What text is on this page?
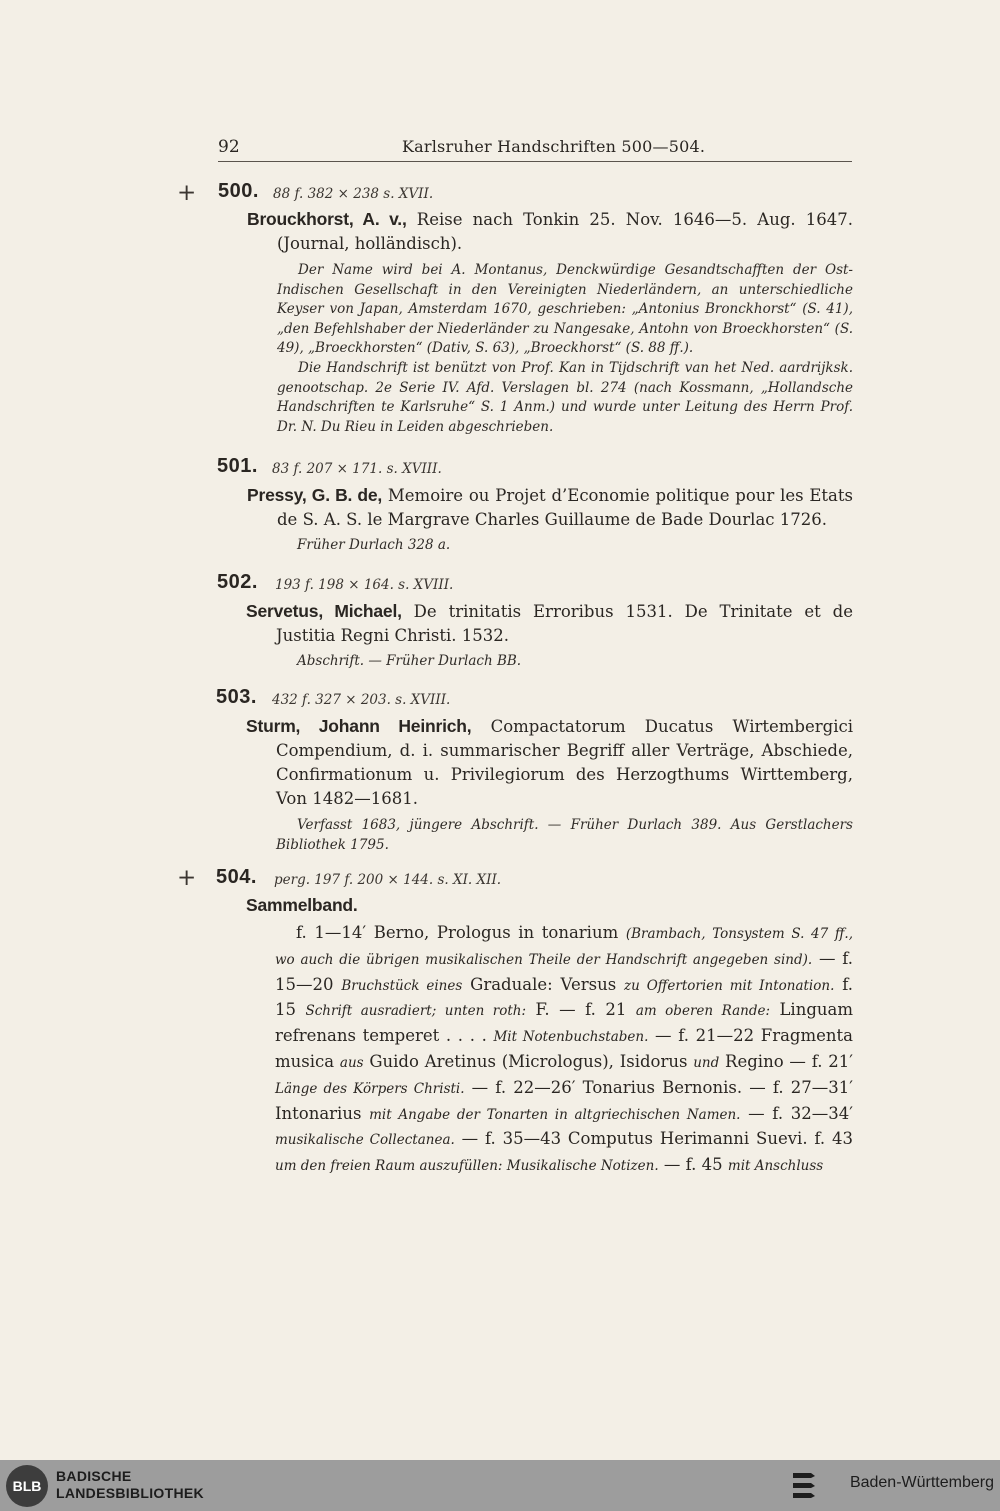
92	Karlsruher Handschriften 500—504.
+ 500. 88 f. 382 × 238 s. XVII.
Brouckhorst, A. v., Reise nach Tonkin 25. Nov. 1646—5. Aug. 1647.
(Journal, holländisch).

Der Name wird bei A. Montanus, Denckwürdige Gesandtschafften der Ost-Indischen Gesellschaft in den Vereinigten Niederländern, an unterschiedliche Keyser von Japan, Amsterdam 1670, geschrieben: „Antonius Bronckhorst“ (S. 41), „den Befehlshaber der Niederländer zu Nangesake, Antohn von Broeckhorsten“ (S. 49), „Broeckhorsten“ (Dativ, S. 63), „Broeckhorst“ (S. 88 ff.).

Die Handschrift ist benützt von Prof. Kan in Tijdschrift van het Ned. aardrijksk. genootschap. 2e Serie IV. Afd. Verslagen bl. 274 (nach Kossmann, „Hollandsche Handschriften te Karlsruhe“ S. 1 Anm.) und wurde unter Leitung des Herrn Prof. Dr. N. Du Rieu in Leiden abgeschrieben.

501. 83 f. 207 × 171. s. XVIII.
Pressy, G. B. de, Memoire ou Projet d’Economie politique pour les Etats de S. A. S. le Margrave Charles Guillaume de Bade Dourlac 1726.
Früher Durlach 328 a.
502. 193 f. 198 × 164. s. XVIII.
Servetus, Michael, De trinitatis Erroribus 1531. De Trinitate et de Justitia Regni Christi. 1532.
Abschrift. — Früher Durlach BB.
503. 432 f. 327 × 203. s. XVIII.
Sturm, Johann Heinrich, Compactatorum Ducatus Wirtembergici Compendium, d. i. summarischer Begriff aller Verträge, Abschiede, Confirmationum u. Privilegiorum des Herzogthums Wirttemberg, Von 1482—1681.

Verfasst 1683, jüngere Abschrift. — Früher Durlach 389. Aus Gerstlachers Bibliothek 1795.

+ 504. perg. 197 f. 200 × 144. s. XI. XII.
Sammelband.
f. 1—14′ Berno, Prologus in tonarium (Brambach, Tonsystem S. 47 ff., wo auch die übrigen musikalischen Theile der Handschrift angegeben sind). — f. 15—20 Bruchstück eines Graduale: Versus zu Offertorien mit Intonation. f. 15 Schrift ausradiert; unten roth: F. — f. 21 am oberen Rande: Linguam refrenans temperet . . . . Mit Notenbuchstaben. — f. 21—22 Fragmenta musica aus Guido Aretinus (Micrologus), Isidorus und Regino — f. 21′ Länge des Körpers Christi. — f. 22—26′ Tonarius Bernonis. — f. 27—31′ Intonarius mit Angabe der Tonarten in altgriechischen Namen. — f. 32—34′ musikalische Collectanea. — f. 35—43 Computus Herimanni Suevi. f. 43 um den freien Raum auszufüllen: Musikalische Notizen. — f. 45 mit Anschluss
BLB
BADISCHE
LANDESBIBLIOTHEK
Baden-Württemberg
